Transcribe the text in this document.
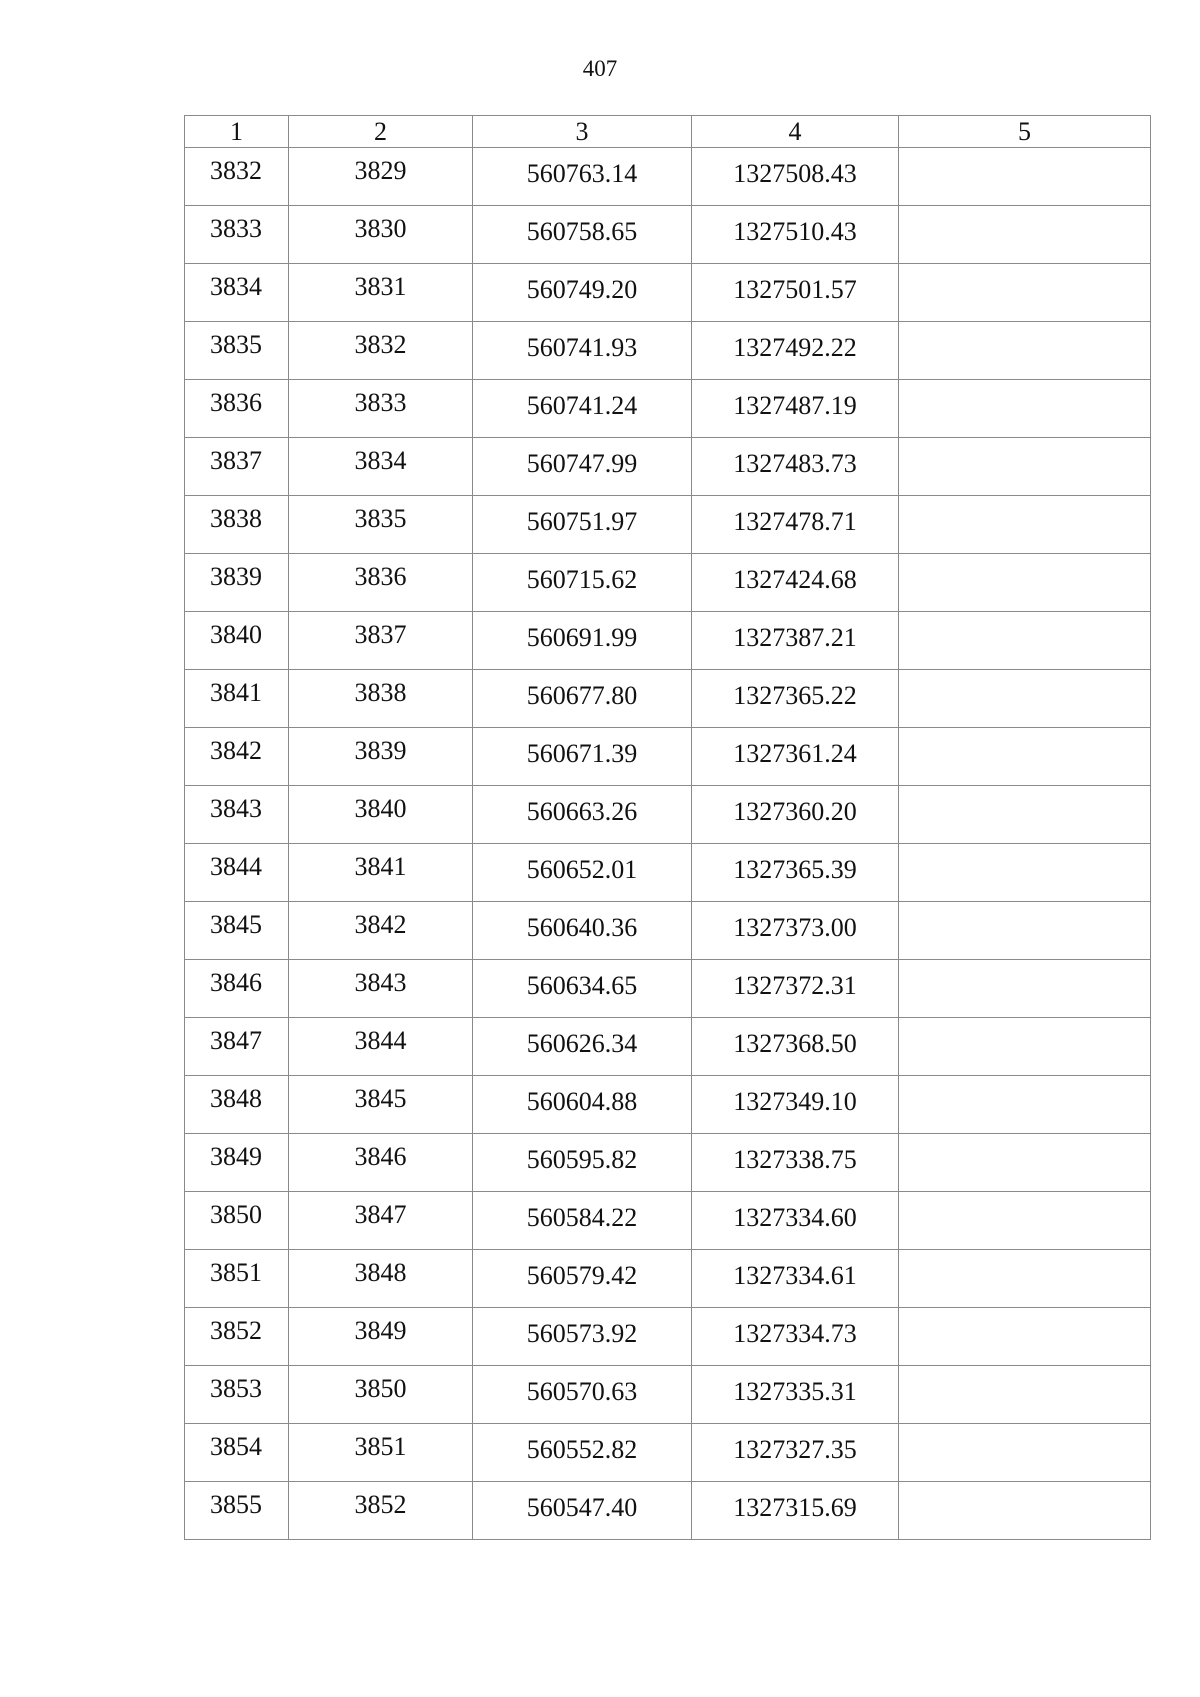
407
1	2	3	4	5
3832	3829	560763.14	1327508.43	
3833	3830	560758.65	1327510.43	
3834	3831	560749.20	1327501.57	
3835	3832	560741.93	1327492.22	
3836	3833	560741.24	1327487.19	
3837	3834	560747.99	1327483.73	
3838	3835	560751.97	1327478.71	
3839	3836	560715.62	1327424.68	
3840	3837	560691.99	1327387.21	
3841	3838	560677.80	1327365.22	
3842	3839	560671.39	1327361.24	
3843	3840	560663.26	1327360.20	
3844	3841	560652.01	1327365.39	
3845	3842	560640.36	1327373.00	
3846	3843	560634.65	1327372.31	
3847	3844	560626.34	1327368.50	
3848	3845	560604.88	1327349.10	
3849	3846	560595.82	1327338.75	
3850	3847	560584.22	1327334.60	
3851	3848	560579.42	1327334.61	
3852	3849	560573.92	1327334.73	
3853	3850	560570.63	1327335.31	
3854	3851	560552.82	1327327.35	
3855	3852	560547.40	1327315.69	
